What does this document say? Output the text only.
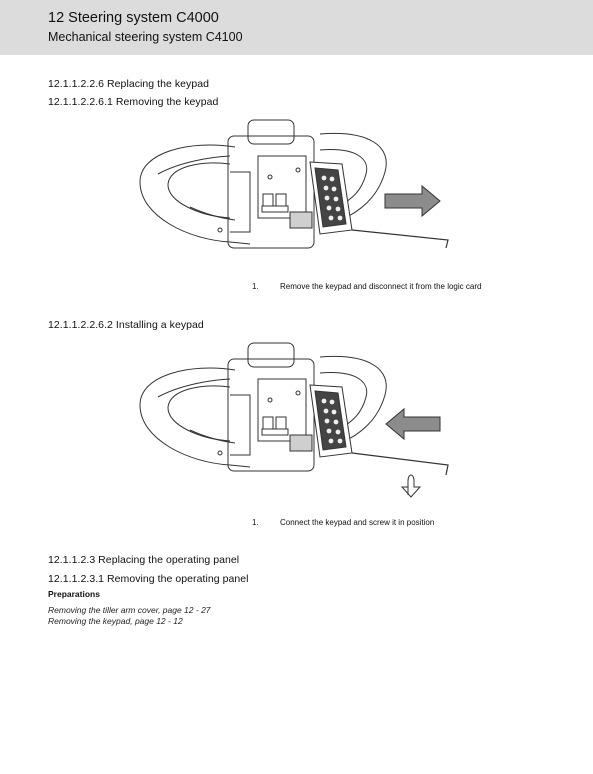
12 Steering system C4000
Mechanical steering system C4100
12.1.1.2.2.6 Replacing the keypad
12.1.1.2.2.6.1 Removing the keypad
1.	Remove the keypad and disconnect it from the logic card
12.1.1.2.2.6.2 Installing a keypad
1.	Connect the keypad and screw it in position
12.1.1.2.3 Replacing the operating panel
12.1.1.2.3.1 Removing the operating panel
Preparations
Removing the tiller arm cover, page 12 - 27
Removing the keypad, page 12 - 12
